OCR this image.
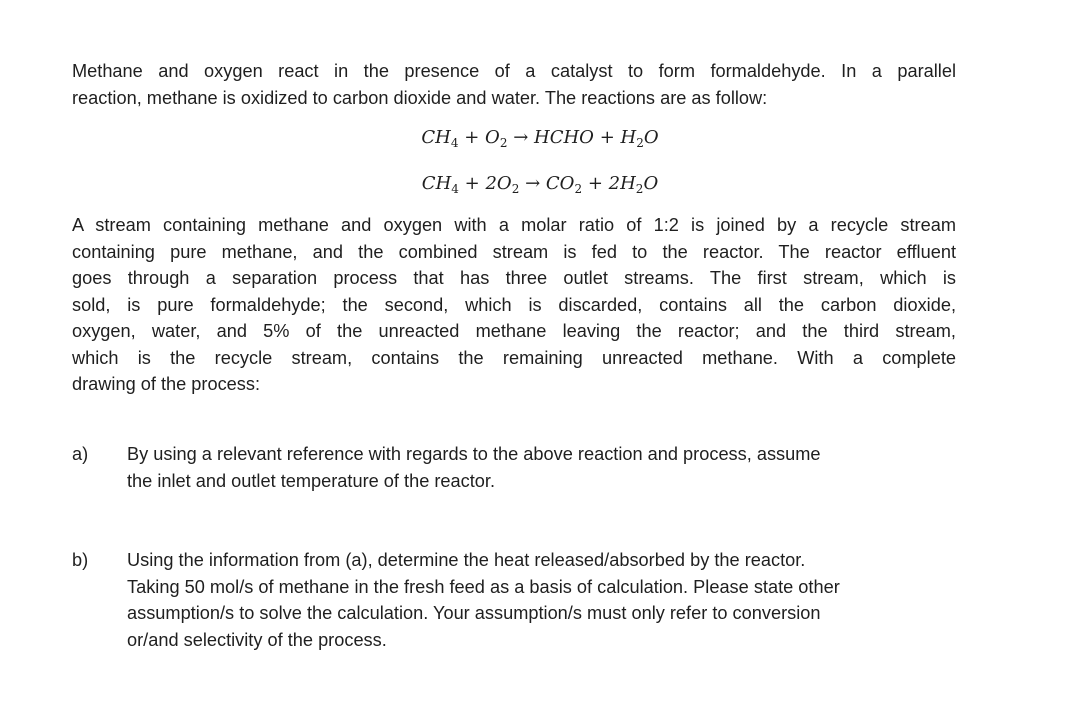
Methane and oxygen react in the presence of a catalyst to form formaldehyde. In a parallel
reaction, methane is oxidized to carbon dioxide and water. The reactions are as follow:
$CH_4 + O_2$ → HCHO + $H_2O$
$CH_4 + 2O_2 \to CO_2 + 2H_2O$
A stream containing methane and oxygen with a molar ratio of 1:2 is joined by a recycle stream
containing pure methane, and the combined stream is fed to the reactor. The reactor effluent
goes through a separation process that has three outlet streams. The first stream, which is
sold, is pure formaldehyde; the second, which is discarded, contains all the carbon dioxide,
oxygen, water, and 5% of the unreacted methane leaving the reactor; and the third stream,
which is the recycle stream, contains the remaining unreacted methane. With a complete
drawing of the process:
a) By using a relevant reference with regards to the above reaction and process, assume
the inlet and outlet temperature of the reactor.
b) Using the information from (a), determine the heat released/absorbed by the reactor.
Taking 50 mol/s of methane in the fresh feed as a basis of calculation. Please state other
assumption/s to solve the calculation. Your assumption/s must only refer to conversion
or/and selectivity of the process.
